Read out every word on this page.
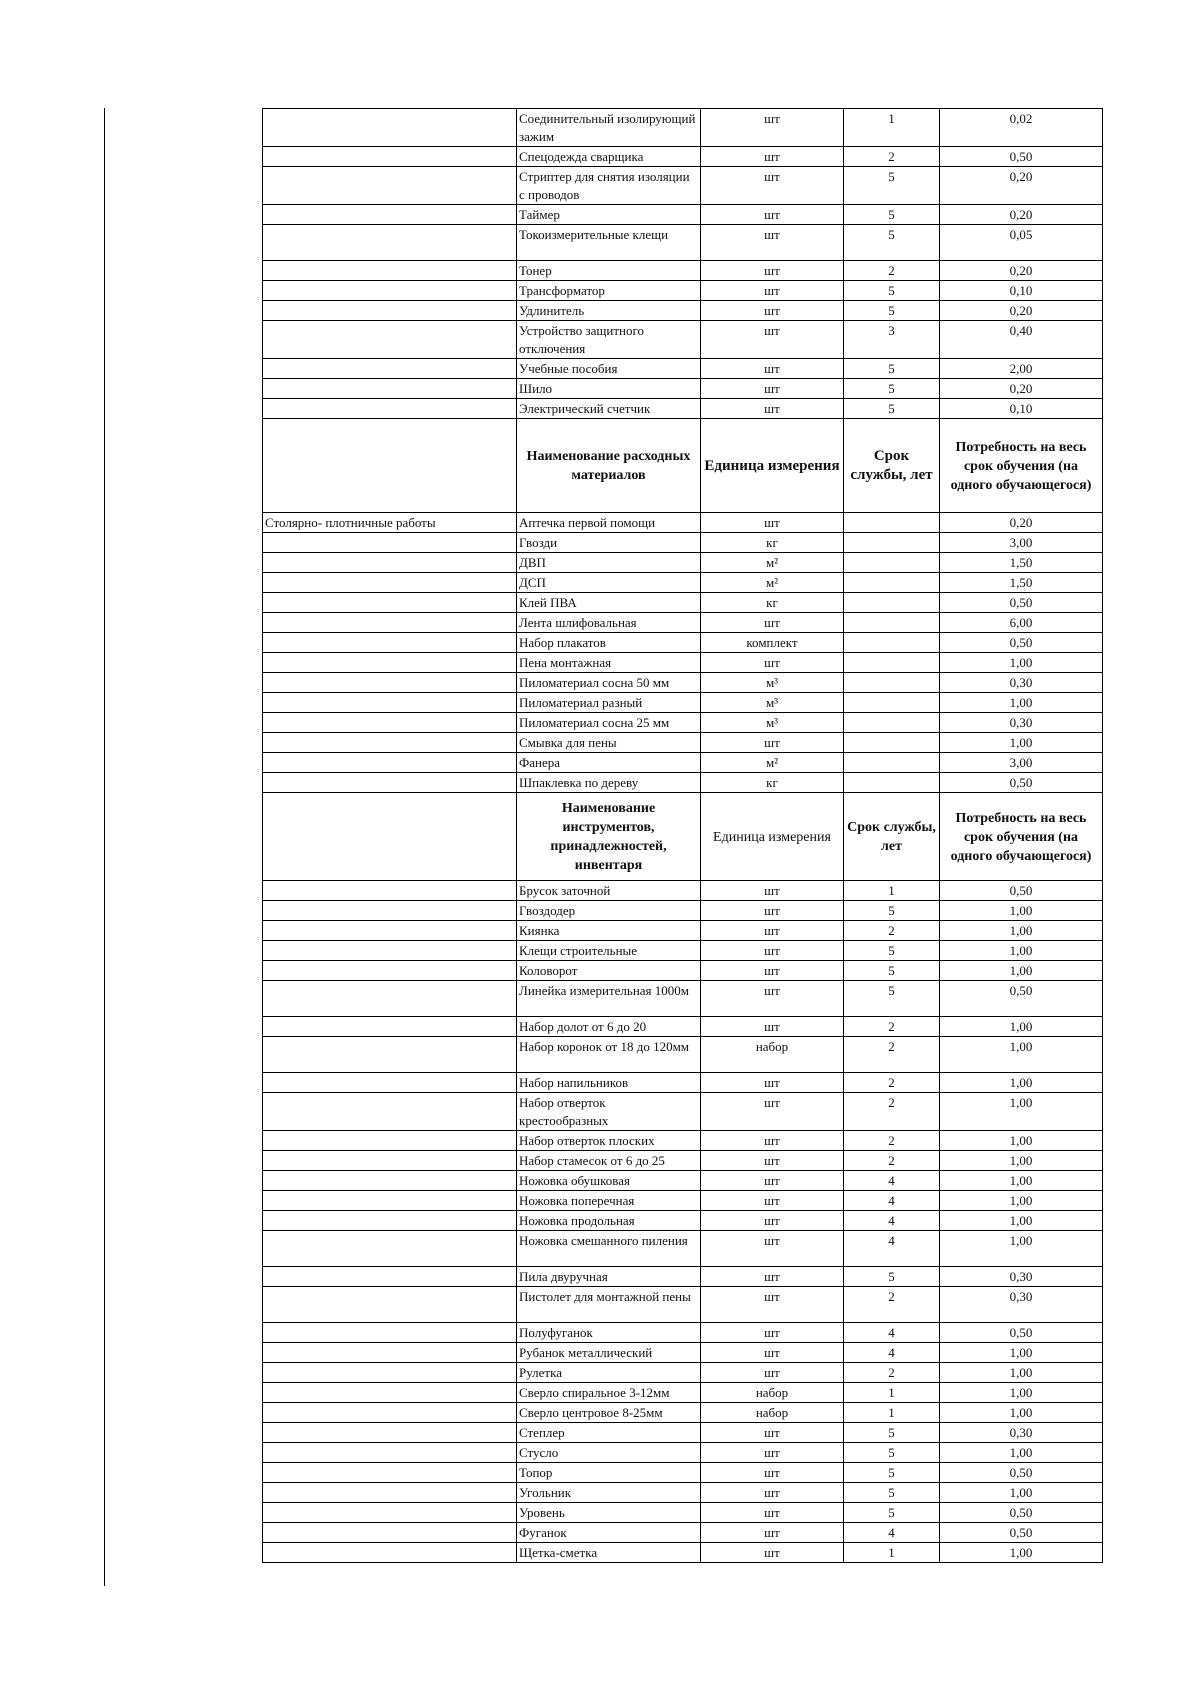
	Соединительный изолирующий зажим	шт	1	0,02
	Спецодежда сварщика	шт	2	0,50
	Стриптер для снятия изоляции с проводов	шт	5	0,20
	Таймер	шт	5	0,20
	Токоизмерительные клещи	шт	5	0,05
	Тонер	шт	2	0,20
	Трансформатор	шт	5	0,10
	Удлинитель	шт	5	0,20
	Устройство защитного отключения	шт	3	0,40
	Учебные пособия	шт	5	2,00
	Шило	шт	5	0,20
	Электрический счетчик	шт	5	0,10
	Наименование расходных материалов	Единица измерения	Срок службы, лет	Потребность на весь срок обучения (на одного обучающегося)
Столярно- плотничные работы	Аптечка первой помощи	шт		0,20
	Гвозди	кг		3,00
	ДВП	м²		1,50
	ДСП	м²		1,50
	Клей ПВА	кг		0,50
	Лента шлифовальная	шт		6,00
	Набор плакатов	комплект		0,50
	Пена монтажная	шт		1,00
	Пиломатериал сосна 50 мм	м³		0,30
	Пиломатериал разный	м³		1,00
	Пиломатериал сосна 25 мм	м³		0,30
	Смывка для пены	шт		1,00
	Фанера	м²		3,00
	Шпаклевка по дереву	кг		0,50
	Наименование инструментов, принадлежностей, инвентаря	Единица измерения	Срок службы, лет	Потребность на весь срок обучения (на одного обучающегося)
	Брусок заточной	шт	1	0,50
	Гвоздодер	шт	5	1,00
	Киянка	шт	2	1,00
	Клещи строительные	шт	5	1,00
	Коловорот	шт	5	1,00
	Линейка измерительная 1000м	шт	5	0,50
	Набор долот от 6 до 20	шт	2	1,00
	Набор коронок от 18 до 120мм	набор	2	1,00
	Набор напильников	шт	2	1,00
	Набор отверток крестообразных	шт	2	1,00
	Набор отверток плоских	шт	2	1,00
	Набор стамесок от 6 до 25	шт	2	1,00
	Ножовка обушковая	шт	4	1,00
	Ножовка поперечная	шт	4	1,00
	Ножовка продольная	шт	4	1,00
	Ножовка смешанного пиления	шт	4	1,00
	Пила двуручная	шт	5	0,30
	Пистолет для монтажной пены	шт	2	0,30
	Полуфуганок	шт	4	0,50
	Рубанок металлический	шт	4	1,00
	Рулетка	шт	2	1,00
	Сверло спиральное 3-12мм	набор	1	1,00
	Сверло центровое 8-25мм	набор	1	1,00
	Степлер	шт	5	0,30
	Стусло	шт	5	1,00
	Топор	шт	5	0,50
	Угольник	шт	5	1,00
	Уровень	шт	5	0,50
	Фуганок	шт	4	0,50
	Щетка-сметка	шт	1	1,00
